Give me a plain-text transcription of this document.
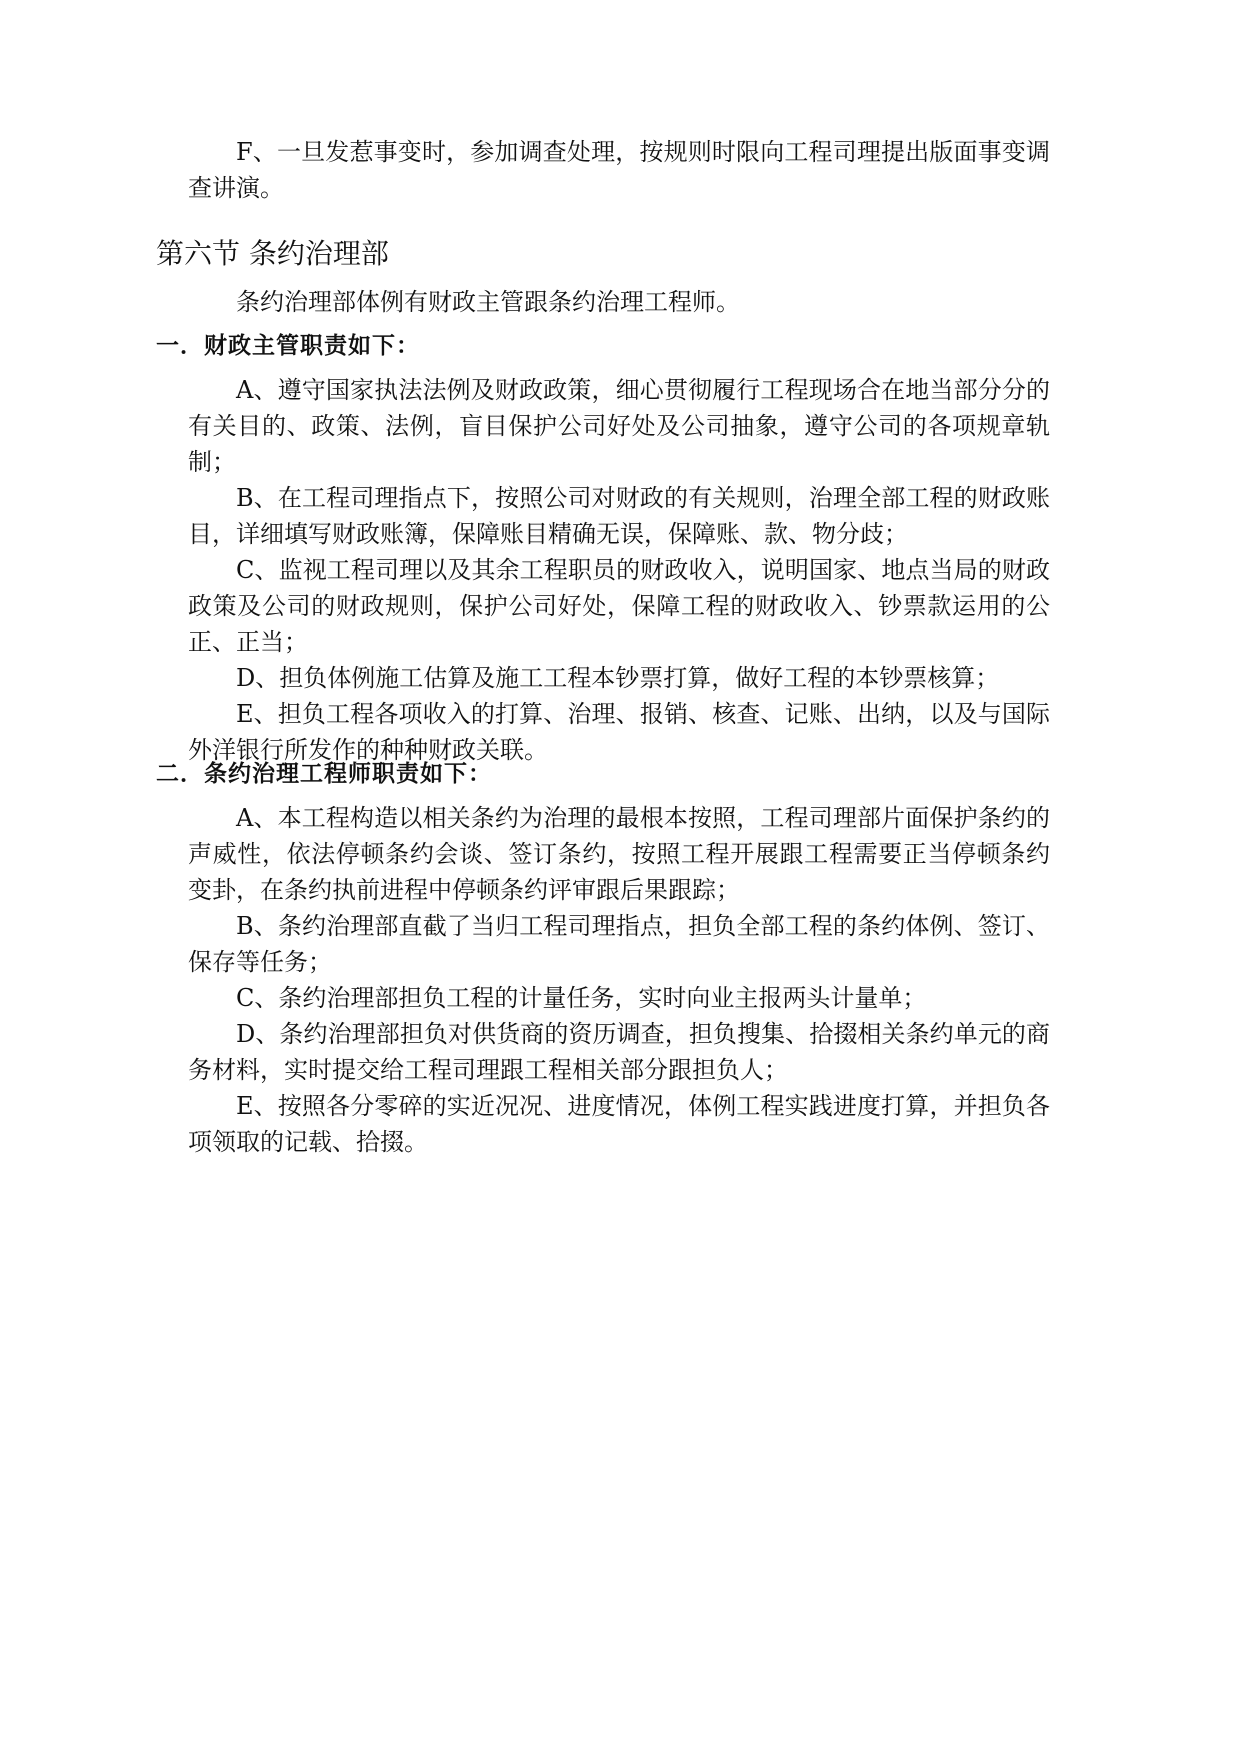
F、一旦发惹事变时，参加调查处理，按规则时限向工程司理提出版面事变调查讲演。

第六节 条约治理部

条约治理部体例有财政主管跟条约治理工程师。

一．财政主管职责如下：

A、遵守国家执法法例及财政政策，细心贯彻履行工程现场合在地当部分分的有关目的、政策、法例，盲目保护公司好处及公司抽象，遵守公司的各项规章轨制；

B、在工程司理指点下，按照公司对财政的有关规则，治理全部工程的财政账目，详细填写财政账簿，保障账目精确无误，保障账、款、物分歧；

C、监视工程司理以及其余工程职员的财政收入，说明国家、地点当局的财政政策及公司的财政规则，保护公司好处，保障工程的财政收入、钞票款运用的公正、正当；

D、担负体例施工估算及施工工程本钞票打算，做好工程的本钞票核算；

E、担负工程各项收入的打算、治理、报销、核查、记账、出纳，以及与国际外洋银行所发作的种种财政关联。

二．条约治理工程师职责如下：

A、本工程构造以相关条约为治理的最根本按照，工程司理部片面保护条约的声威性，依法停顿条约会谈、签订条约，按照工程开展跟工程需要正当停顿条约变卦，在条约执前进程中停顿条约评审跟后果跟踪；

B、条约治理部直截了当归工程司理指点，担负全部工程的条约体例、签订、保存等任务；

C、条约治理部担负工程的计量任务，实时向业主报两头计量单；

D、条约治理部担负对供货商的资历调查，担负搜集、拾掇相关条约单元的商务材料，实时提交给工程司理跟工程相关部分跟担负人；

E、按照各分零碎的实近况况、进度情况，体例工程实践进度打算，并担负各项领取的记载、拾掇。
